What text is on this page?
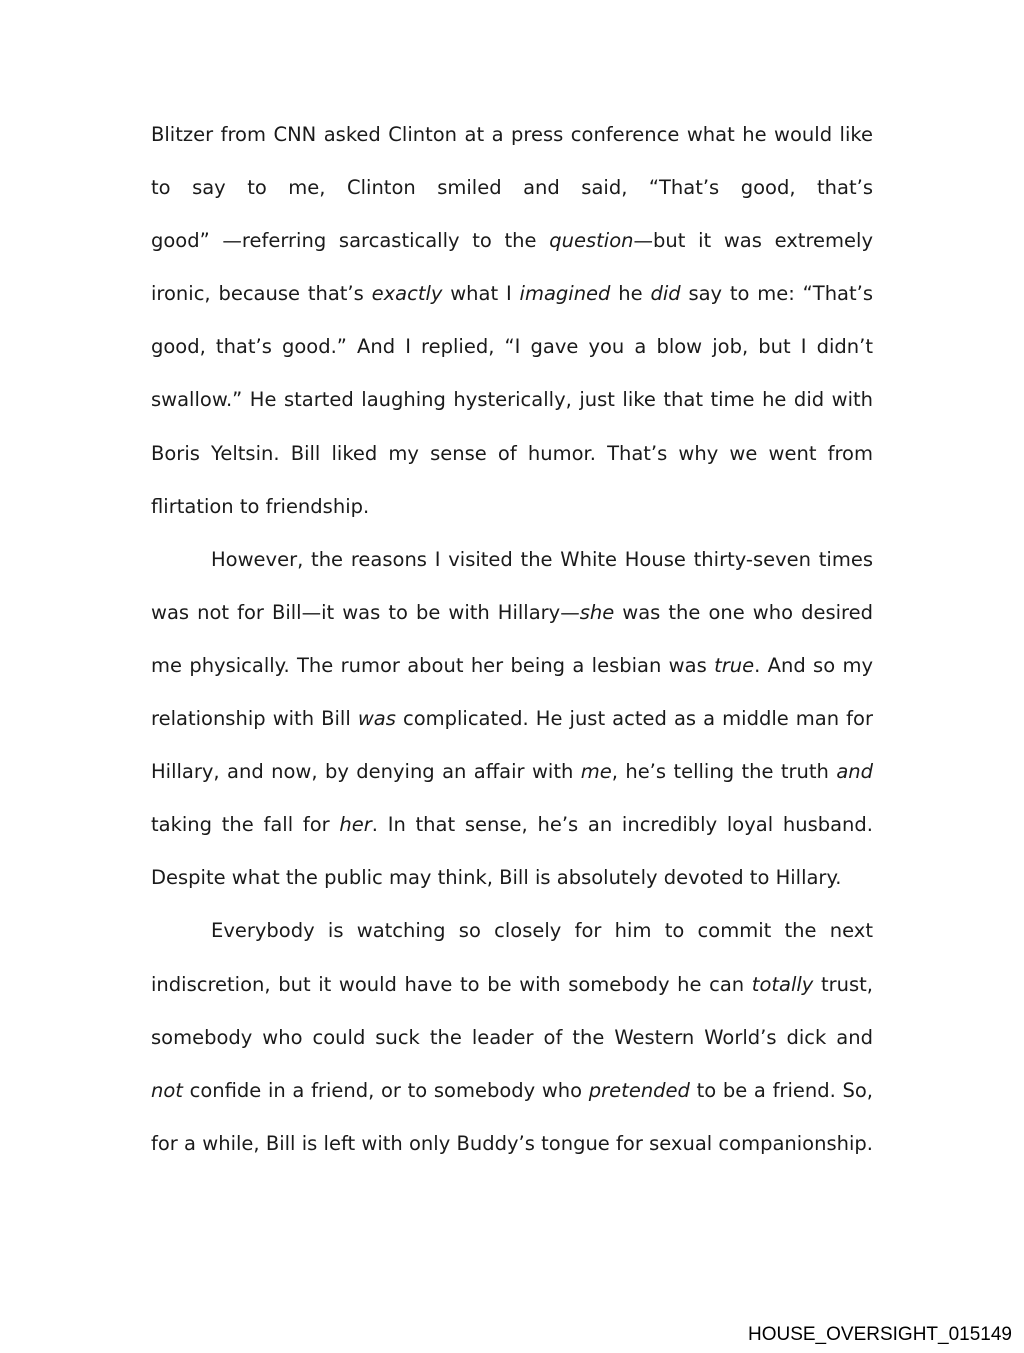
Blitzer from CNN asked Clinton at a press conference what he would like
to say to me, Clinton smiled and said, “That’s good, that’s
good” —referring sarcastically to the question—but it was extremely
ironic, because that’s exactly what I imagined he did say to me: “That’s
good, that’s good.” And I replied, “I gave you a blow job, but I didn’t
swallow.” He started laughing hysterically, just like that time he did with
Boris Yeltsin. Bill liked my sense of humor. That’s why we went from
flirtation to friendship.
However, the reasons I visited the White House thirty-seven times
was not for Bill—it was to be with Hillary—she was the one who desired
me physically. The rumor about her being a lesbian was true. And so my
relationship with Bill was complicated. He just acted as a middle man for
Hillary, and now, by denying an affair with me, he’s telling the truth and
taking the fall for her. In that sense, he’s an incredibly loyal husband.
Despite what the public may think, Bill is absolutely devoted to Hillary.
Everybody is watching so closely for him to commit the next
indiscretion, but it would have to be with somebody he can totally trust,
somebody who could suck the leader of the Western World’s dick and
not confide in a friend, or to somebody who pretended to be a friend. So,
for a while, Bill is left with only Buddy’s tongue for sexual companionship.
HOUSE_OVERSIGHT_015149
